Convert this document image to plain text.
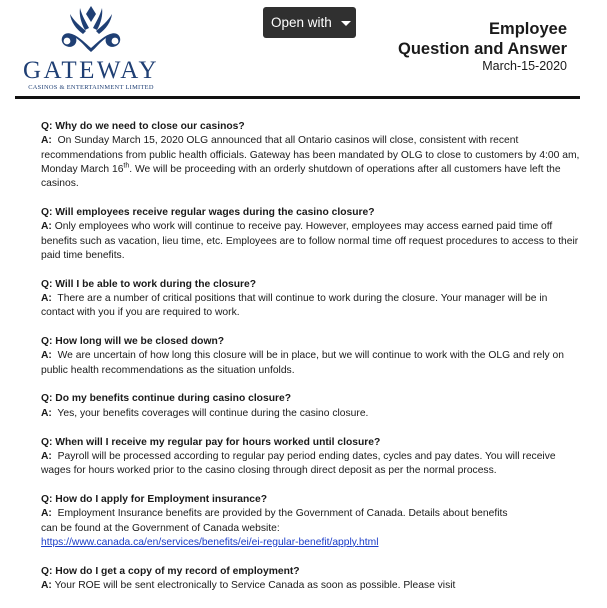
GATEWAY
CASINOS & ENTERTAINMENT LIMITED
Open with	Employee
Question and Answer
March-15-2020
Q: Why do we need to close our casinos?
A: On Sunday March 15, 2020 OLG announced that all Ontario casinos will close, consistent with recent recommendations from public health officials. Gateway has been mandated by OLG to close to customers by 4:00 am, Monday March 16th. We will be proceeding with an orderly shutdown of operations after all customers have left the casinos.
Q: Will employees receive regular wages during the casino closure?
A: Only employees who work will continue to receive pay. However, employees may access earned paid time off benefits such as vacation, lieu time, etc. Employees are to follow normal time off request procedures to access to their paid time benefits.
Q: Will I be able to work during the closure?
A: There are a number of critical positions that will continue to work during the closure. Your manager will be in contact with you if you are required to work.
Q: How long will we be closed down?
A: We are uncertain of how long this closure will be in place, but we will continue to work with the OLG and rely on public health recommendations as the situation unfolds.
Q: Do my benefits continue during casino closure?
A: Yes, your benefits coverages will continue during the casino closure.
Q: When will I receive my regular pay for hours worked until closure?
A: Payroll will be processed according to regular pay period ending dates, cycles and pay dates. You will receive wages for hours worked prior to the casino closing through direct deposit as per the normal process.
Q: How do I apply for Employment insurance?
A: Employment Insurance benefits are provided by the Government of Canada. Details about benefits
can be found at the Government of Canada website:
https://www.canada.ca/en/services/benefits/ei/ei-regular-benefit/apply.html
Q: How do I get a copy of my record of employment?
A: Your ROE will be sent electronically to Service Canada as soon as possible. Please visit
